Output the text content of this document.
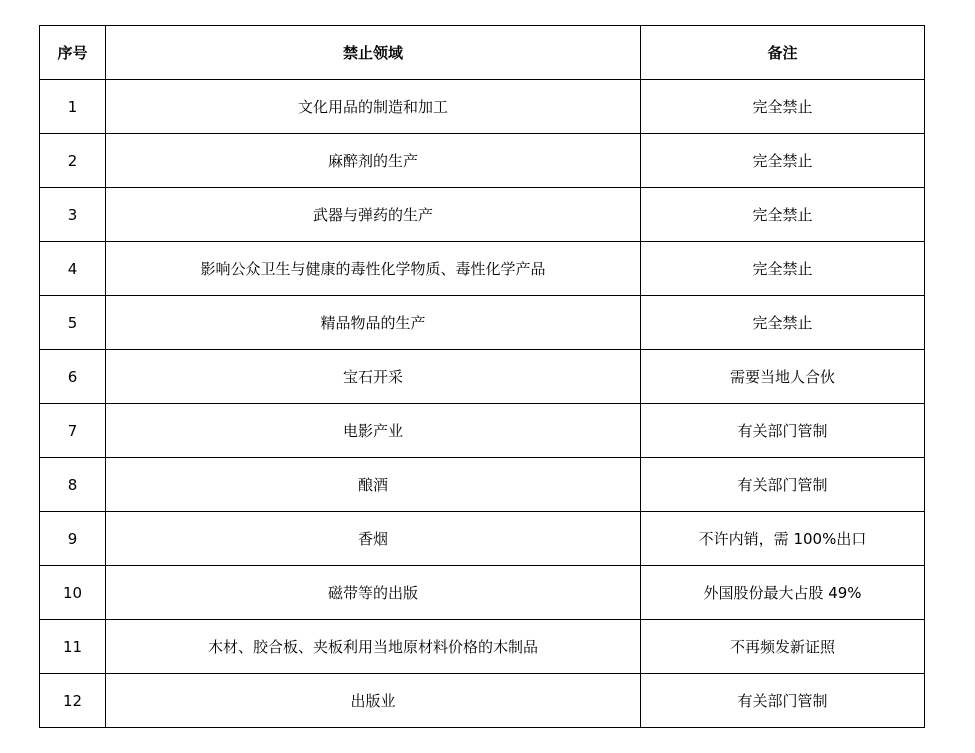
序号	禁止领域	备注
1	文化用品的制造和加工	完全禁止
2	麻醉剂的生产	完全禁止
3	武器与弹药的生产	完全禁止
4	影响公众卫生与健康的毒性化学物质、毒性化学产品	完全禁止
5	精品物品的生产	完全禁止
6	宝石开采	需要当地人合伙
7	电影产业	有关部门管制
8	酿酒	有关部门管制
9	香烟	不许内销，需 100%出口
10	磁带等的出版	外国股份最大占股 49%
11	木材、胶合板、夹板利用当地原材料价格的木制品	不再频发新证照
12	出版业	有关部门管制
